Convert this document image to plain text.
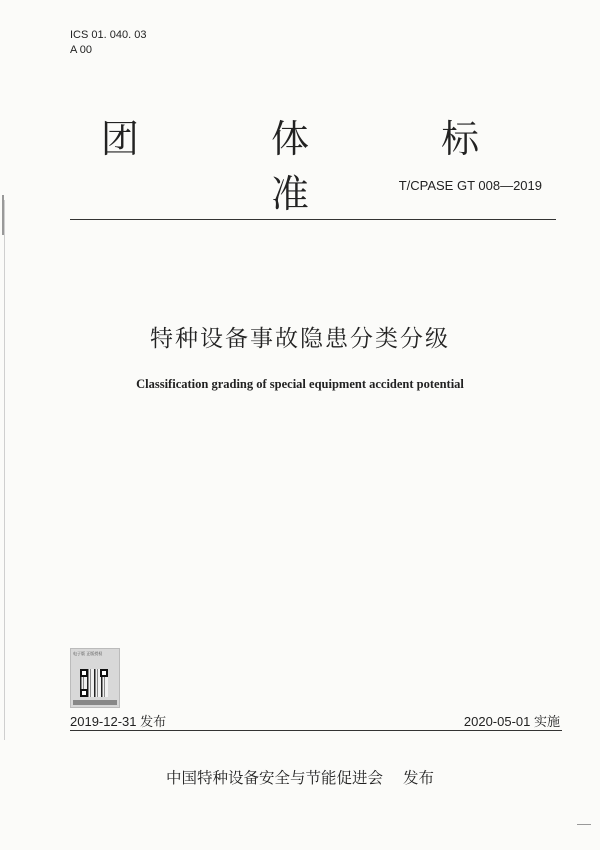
ICS 01. 040. 03
A 00
团 体 标 准	T/CPASE GT 008—2019
特种设备事故隐患分类分级
Classification grading of special equipment accident potential
电子版 正版授权
2019-12-31 发布	2020-05-01 实施
中国特种设备安全与节能促进会 发布
